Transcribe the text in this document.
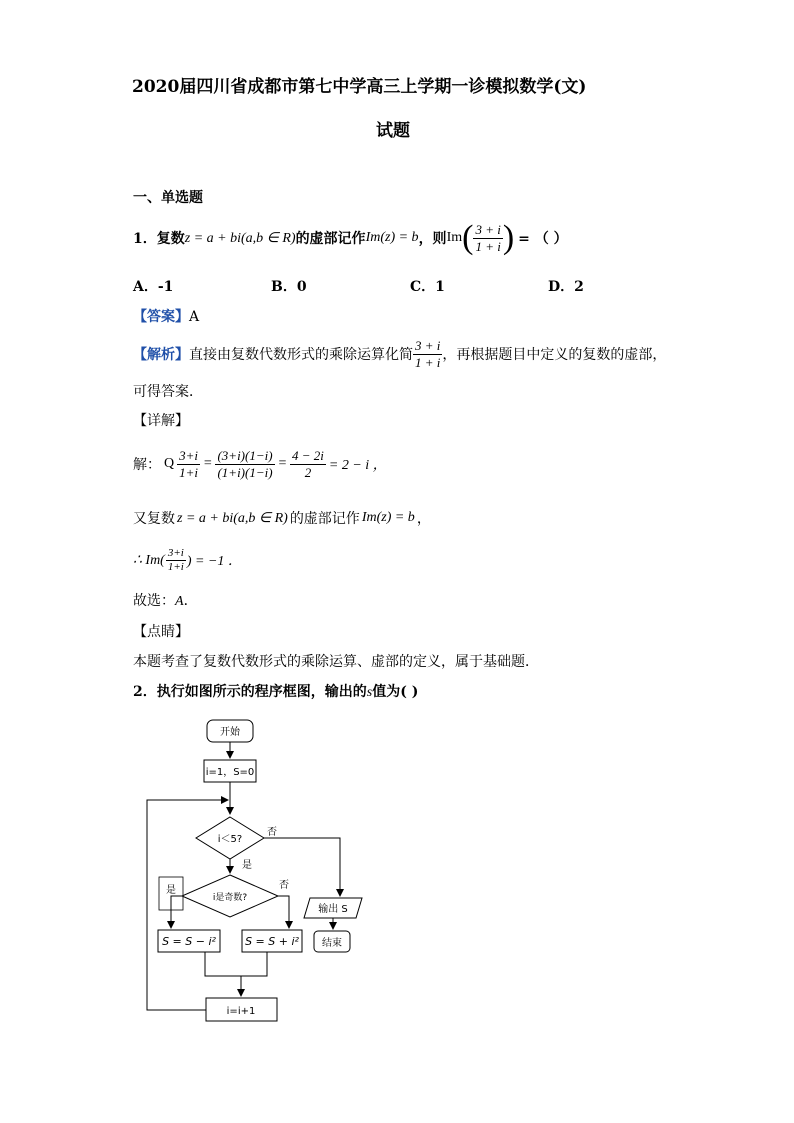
2020届四川省成都市第七中学高三上学期一诊模拟数学(文)
试题
一、单选题
1． 复数 z = a + bi(a,b ∈ R) 的虚部记作 Im(z) = b ，则 Im ( $\frac{3 + i}{1 + i}$ ) = （ ）
A．-1	B．0	C．1	D．2
【答案】A
【解析】 直接由复数代数形式的乘除运算化简 $\frac{3 + i}{1 + i}$ ，再根据题目中定义的复数的虚部，
可得答案．
【详解】
解： Q $\frac{3+i}{1+i} = \frac{(3+i)(1-i)}{(1+i)(1-i)} = \frac{4 - 2i}{2} = 2 - i$ ，
又复数 z = a + bi(a,b ∈ R) 的虚部记作 Im(z) = b ，
∴ $Im( \frac{3+i}{1+i}$ ) = −1 ．
故选：A．
【点睛】
本题考查了复数代数形式的乘除运算、虚部的定义，属于基础题．
2．执行如图所示的程序框图，输出的s值为( )
开始
i=1，S=0
i＜5?
否
是
i是奇数?
是	否
S = S − i²	S = S + i²
输出 S
结束
i=i+1
